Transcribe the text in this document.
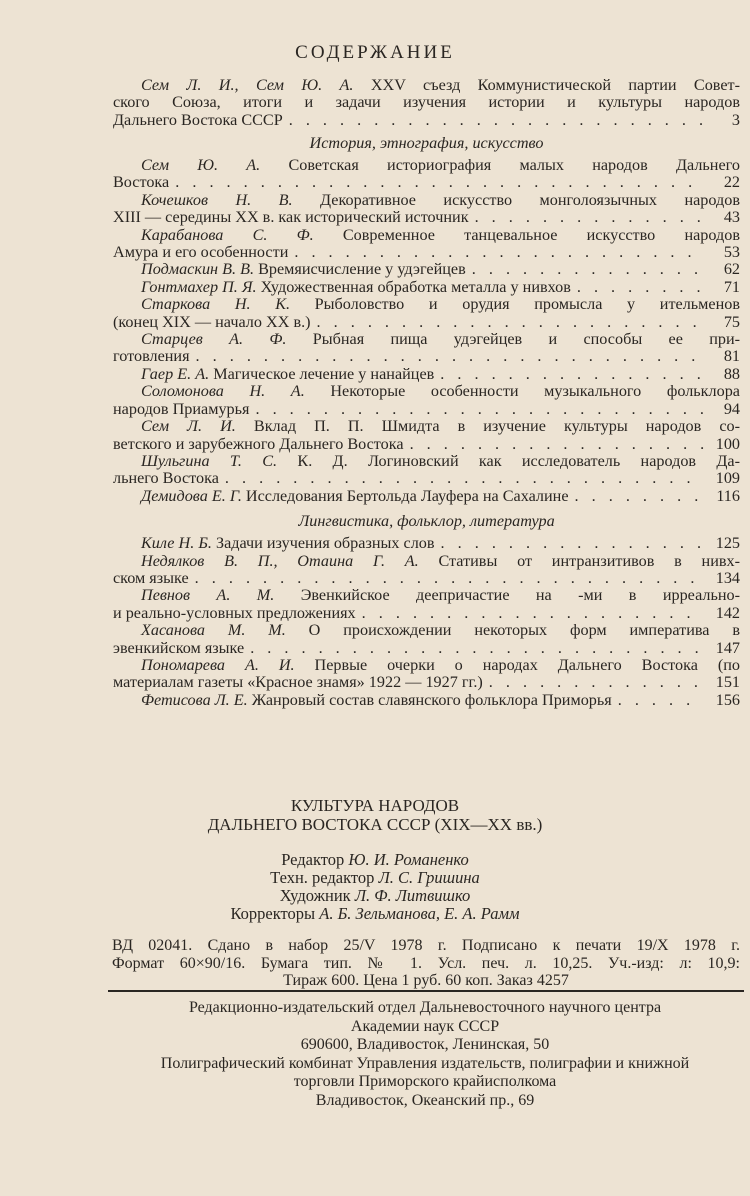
СОДЕРЖАНИЕ
Сем Л. И., Сем Ю. А. XXV съезд Коммунистической партии Совет-
ского Союза, итоги и задачи изучения истории и культуры народов
Дальнего Востока СССР . . .	3
История, этнография, искусство
Сем Ю. А. Советская историография малых народов Дальнего
Востока . . .	22
Кочешков Н. В. Декоративное искусство монголоязычных народов
XIII — середины XX в. как исторический источник . . .	43
Карабанова С. Ф. Современное танцевальное искусство народов
Амура и его особенности . . .	53
Подмаскин В. В. Времяисчисление у удэгейцев . . .	62
Гонтмахер П. Я. Художественная обработка металла у нивхов . . .	71
Старкова Н. К. Рыболовство и орудия промысла у ительменов
(конец XIX — начало XX в.) . . .	75
Старцев А. Ф. Рыбная пища удэгейцев и способы ее при-
готовления . . .	81
Гаер Е. А. Магическое лечение у нанайцев . . .	88
Соломонова Н. А. Некоторые особенности музыкального фольклора
народов Приамурья . . .	94
Сем Л. И. Вклад П. П. Шмидта в изучение культуры народов со-
ветского и зарубежного Дальнего Востока . . .	100
Шульгина Т. С. К. Д. Логиновский как исследователь народов Да-
льнего Востока . . .	109
Демидова Е. Г. Исследования Бертольда Лауфера на Сахалине . . .	116
Лингвистика, фольклор, литература
Киле Н. Б. Задачи изучения образных слов . . .	125
Недялков В. П., Отаина Г. А. Стативы от интранзитивов в нивх-
ском языке . . .	134
Певнов А. М. Эвенкийское деепричастие на -ми в ирреально-
и реально-условных предложениях . . .	142
Хасанова М. М. О происхождении некоторых форм императива в
эвенкийском языке . . .	147
Пономарева А. И. Первые очерки о народах Дальнего Востока (по
материалам газеты «Красное знамя» 1922 — 1927 гг.) . . .	151
Фетисова Л. Е. Жанровый состав славянского фольклора Приморья . . .	156
КУЛЬТУРА НАРОДОВ
ДАЛЬНЕГО ВОСТОКА СССР (XIX—XX вв.)
Редактор Ю. И. Романенко
Техн. редактор Л. С. Гришина
Художник Л. Ф. Литвишко
Корректоры А. Б. Зельманова, Е. А. Рамм
ВД 02041. Сдано в набор 25/V 1978 г. Подписано к печати 19/X 1978 г.
Формат 60×90/16. Бумага тип. № 1. Усл. печ. л. 10,25. Уч.-изд: л: 10,9:
Тираж 600. Цена 1 руб. 60 коп. Заказ 4257
Редакционно-издательский отдел Дальневосточного научного центра
Академии наук СССР
690600, Владивосток, Ленинская, 50
Полиграфический комбинат Управления издательств, полиграфии и книжной
торговли Приморского крайисполкома
Владивосток, Океанский пр., 69
